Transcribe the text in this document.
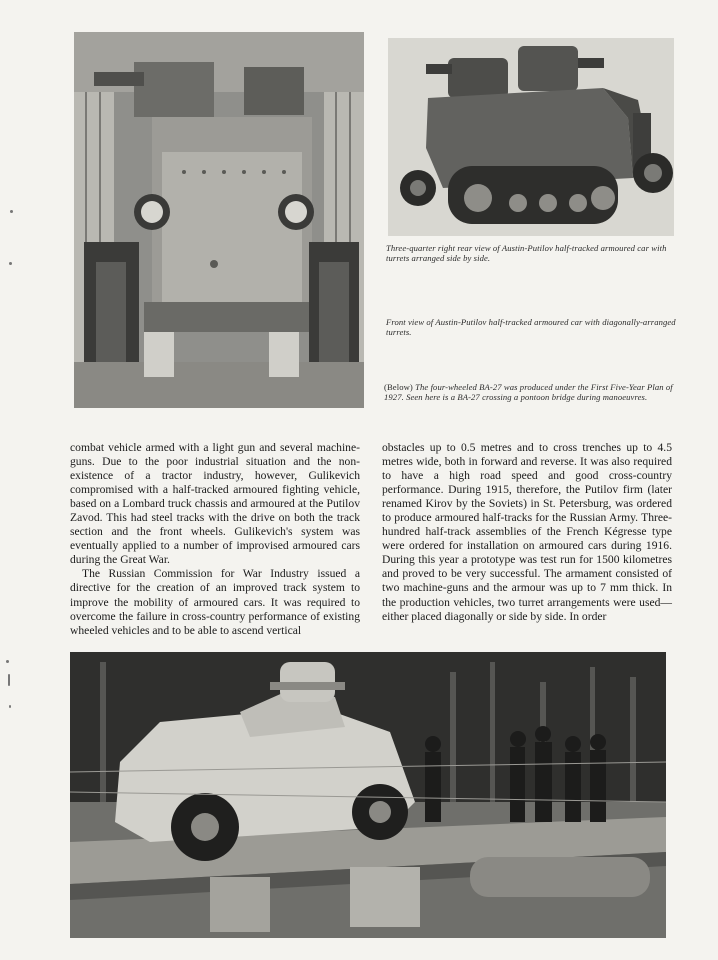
Three-quarter right rear view of Austin-Putilov half-tracked armoured car with turrets arranged side by side.
Front view of Austin-Putilov half-tracked armoured car with diagonally-arranged turrets.
(Below) The four-wheeled BA-27 was produced under the First Five-Year Plan of 1927. Seen here is a BA-27 crossing a pontoon bridge during manoeuvres.

combat vehicle armed with a light gun and several machine-guns. Due to the poor industrial situation and the non-existence of a tractor industry, however, Gulikevich compromised with a half-tracked armoured fighting vehicle, based on a Lombard truck chassis and armoured at the Putilov Zavod. This had steel tracks with the drive on both the track section and the front wheels. Gulikevich's system was eventually applied to a number of improvised armoured cars during the Great War.

The Russian Commission for War Industry issued a directive for the creation of an improved track system to improve the mobility of armoured cars. It was required to overcome the failure in cross-country performance of existing wheeled vehicles and to be able to ascend vertical

obstacles up to 0.5 metres and to cross trenches up to 4.5 metres wide, both in forward and reverse. It was also required to have a high road speed and good cross-country performance. During 1915, therefore, the Putilov firm (later renamed Kirov by the Soviets) in St. Petersburg, was ordered to produce armoured half-tracks for the Russian Army. Three-hundred half-track assemblies of the French Kégresse type were ordered for installation on armoured cars during 1916. During this year a prototype was test run for 1500 kilometres and proved to be very successful. The armament consisted of two machine-guns and the armour was up to 7 mm thick. In the production vehicles, two turret arrangements were used—either placed diagonally or side by side. In order
